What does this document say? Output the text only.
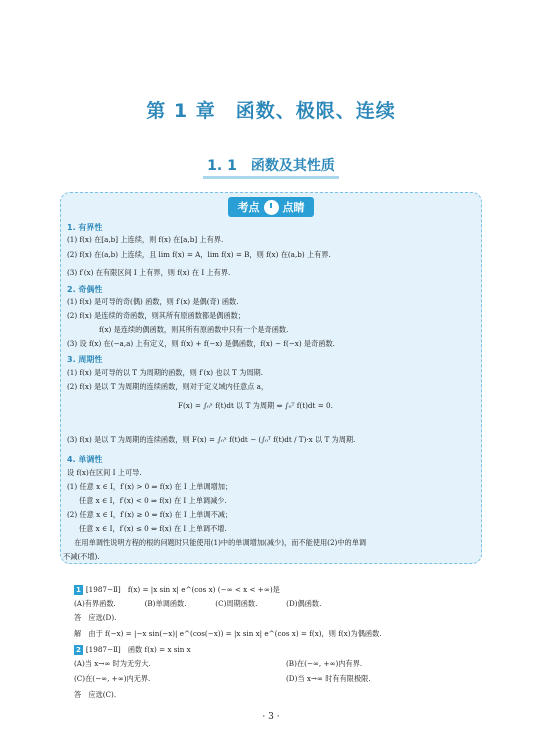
第 1 章　函数、极限、连续
1. 1　函数及其性质
考点 点睛
1. 有界性
(1) f(x) 在[a,b] 上连续，则 f(x) 在[a,b] 上有界.
(2) f(x) 在(a,b) 上连续，且 lim f(x) = A，lim f(x) = B，则 f(x) 在(a,b) 上有界.
(3) f′(x) 在有限区间 I 上有界，则 f(x) 在 I 上有界.
2. 奇偶性
(1) f(x) 是可导的奇(偶) 函数，则 f′(x) 是偶(奇) 函数.
(2) f(x) 是连续的奇函数，则其所有原函数都是偶函数；
f(x) 是连续的偶函数，则其所有原函数中只有一个是奇函数.
(3) 设 f(x) 在(−a,a) 上有定义，则 f(x) + f(−x) 是偶函数，f(x) − f(−x) 是奇函数.
3. 周期性
(1) f(x) 是可导的以 T 为周期的函数，则 f′(x) 也以 T 为周期.
(2) f(x) 是以 T 为周期的连续函数，则对于定义域内任意点 a，
F(x) = ∫₀ˣ f(t)dt 以 T 为周期 ⇔ ∫₀ᵀ f(t)dt = 0.
(3) f(x) 是以 T 为周期的连续函数，则 F(x) = ∫₀ˣ f(t)dt − (∫₀ᵀ f(t)dt / T)·x 以 T 为周期.
4. 单调性
设 f(x)在区间 I 上可导.
(1) 任意 x ∈ I，f′(x) > 0 ⇒ f(x) 在 I 上单调增加；
任意 x ∈ I，f′(x) < 0 ⇒ f(x) 在 I 上单调减少.
(2) 任意 x ∈ I，f′(x) ≥ 0 ⇔ f(x) 在 I 上单调不减；
任意 x ∈ I，f′(x) ≤ 0 ⇔ f(x) 在 I 上单调不增.
　在用单调性说明方程的根的问题时只能使用(1)中的单调增加(减少)，而不能使用(2)中的单调
不减(不增).
1 [1987−Ⅱ]　f(x) = |x sin x| e^(cos x) (−∞ < x < +∞)是
(A)有界函数.　　　　(B)单调函数.　　　　(C)周期函数.　　　　(D)偶函数.
答　应选(D).
解　由于 f(−x) = |−x sin(−x)| e^(cos(−x)) = |x sin x| e^(cos x) = f(x)，则 f(x)为偶函数.
2 [1987−Ⅱ]　函数 f(x) = x sin x
(A)当 x→∞ 时为无穷大.	(B)在(−∞, +∞)内有界.
(C)在(−∞, +∞)内无界.	(D)当 x→∞ 时有有限极限.
答　应选(C).
· 3 ·
